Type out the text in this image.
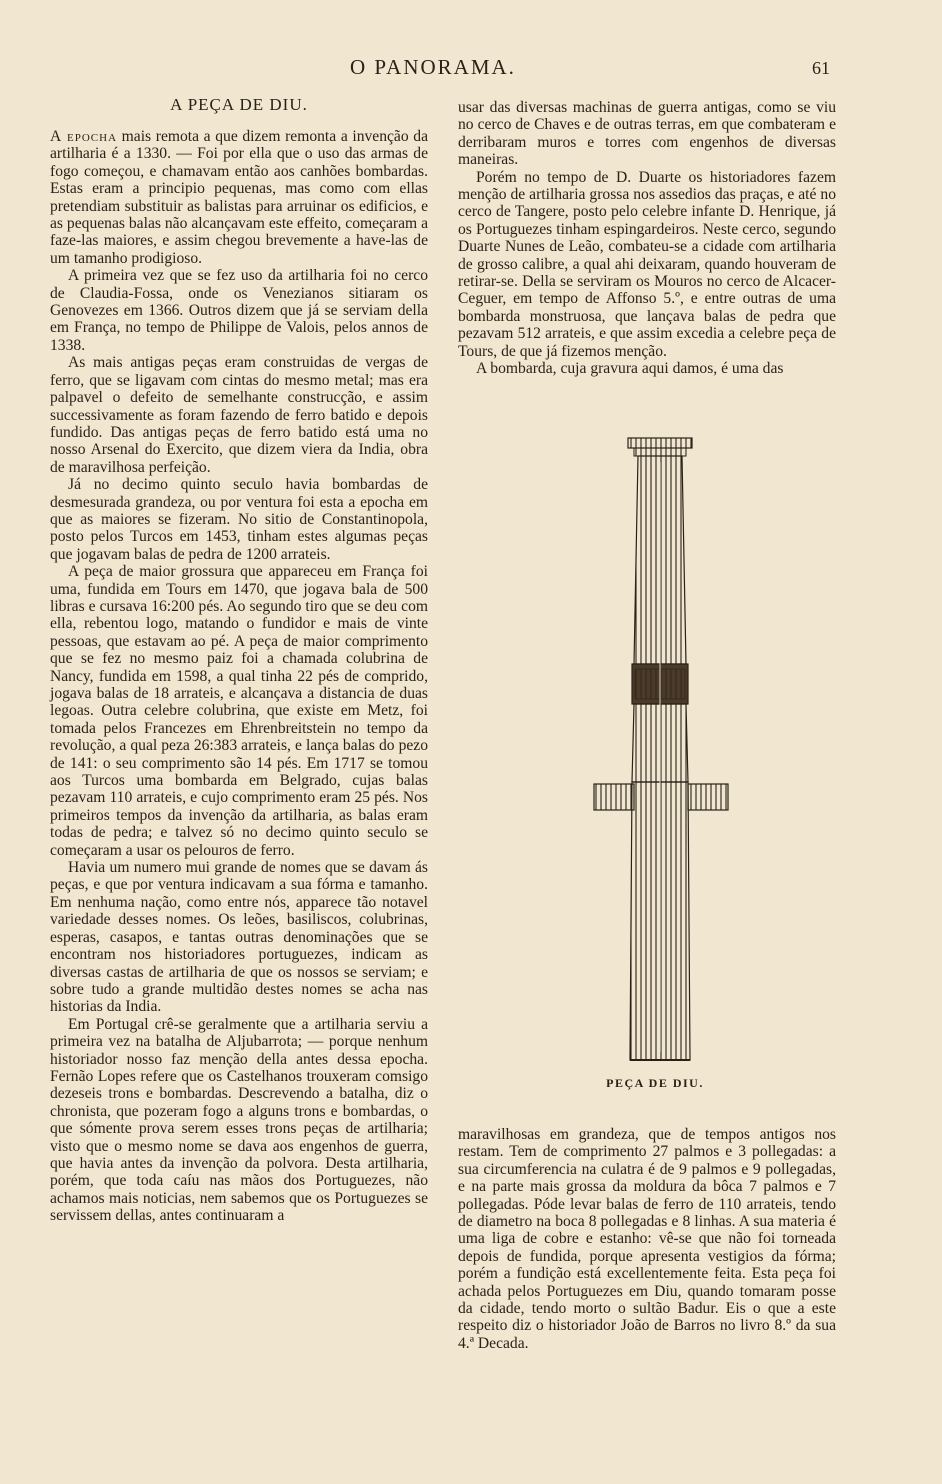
O PANORAMA.	61
A PEÇA DE DIU.

A epocha mais remota a que dizem remonta a invenção da artilharia é a 1330. — Foi por ella que o uso das armas de fogo começou, e chamavam então aos canhões bombardas. Estas eram a principio pequenas, mas como com ellas pretendiam substituir as balistas para arruinar os edificios, e as pequenas balas não alcançavam este effeito, começaram a faze-las maiores, e assim chegou brevemente a have-las de um tamanho prodigioso.

A primeira vez que se fez uso da artilharia foi no cerco de Claudia-Fossa, onde os Venezianos sitiaram os Genovezes em 1366. Outros dizem que já se serviam della em França, no tempo de Philippe de Valois, pelos annos de 1338.

As mais antigas peças eram construidas de vergas de ferro, que se ligavam com cintas do mesmo metal; mas era palpavel o defeito de semelhante construcção, e assim successivamente as foram fazendo de ferro batido e depois fundido. Das antigas peças de ferro batido está uma no nosso Arsenal do Exercito, que dizem viera da India, obra de maravilhosa perfeição.

Já no decimo quinto seculo havia bombardas de desmesurada grandeza, ou por ventura foi esta a epocha em que as maiores se fizeram. No sitio de Constantinopola, posto pelos Turcos em 1453, tinham estes algumas peças que jogavam balas de pedra de 1200 arrateis.

A peça de maior grossura que appareceu em França foi uma, fundida em Tours em 1470, que jogava bala de 500 libras e cursava 16:200 pés. Ao segundo tiro que se deu com ella, rebentou logo, matando o fundidor e mais de vinte pessoas, que estavam ao pé. A peça de maior comprimento que se fez no mesmo paiz foi a chamada colubrina de Nancy, fundida em 1598, a qual tinha 22 pés de comprido, jogava balas de 18 arrateis, e alcançava a distancia de duas legoas. Outra celebre colubrina, que existe em Metz, foi tomada pelos Francezes em Ehrenbreitstein no tempo da revolução, a qual peza 26:383 arrateis, e lança balas do pezo de 141: o seu comprimento são 14 pés. Em 1717 se tomou aos Turcos uma bombarda em Belgrado, cujas balas pezavam 110 arrateis, e cujo comprimento eram 25 pés. Nos primeiros tempos da invenção da artilharia, as balas eram todas de pedra; e talvez só no decimo quinto seculo se começaram a usar os pelouros de ferro.

Havia um numero mui grande de nomes que se davam ás peças, e que por ventura indicavam a sua fórma e tamanho. Em nenhuma nação, como entre nós, apparece tão notavel variedade desses nomes. Os leões, basiliscos, colubrinas, esperas, casapos, e tantas outras denominações que se encontram nos historiadores portuguezes, indicam as diversas castas de artilharia de que os nossos se serviam; e sobre tudo a grande multidão destes nomes se acha nas historias da India.

Em Portugal crê-se geralmente que a artilharia serviu a primeira vez na batalha de Aljubarrota; — porque nenhum historiador nosso faz menção della antes dessa epocha. Fernão Lopes refere que os Castelhanos trouxeram comsigo dezeseis trons e bombardas. Descrevendo a batalha, diz o chronista, que pozeram fogo a alguns trons e bombardas, o que sómente prova serem esses trons peças de artilharia; visto que o mesmo nome se dava aos engenhos de guerra, que havia antes da invenção da polvora. Desta artilharia, porém, que toda caíu nas mãos dos Portuguezes, não achamos mais noticias, nem sabemos que os Portuguezes se servissem dellas, antes continuaram a

usar das diversas machinas de guerra antigas, como se viu no cerco de Chaves e de outras terras, em que combateram e derribaram muros e torres com engenhos de diversas maneiras.

Porém no tempo de D. Duarte os historiadores fazem menção de artilharia grossa nos assedios das praças, e até no cerco de Tangere, posto pelo celebre infante D. Henrique, já os Portuguezes tinham espingardeiros. Neste cerco, segundo Duarte Nunes de Leão, combateu-se a cidade com artilharia de grosso calibre, a qual ahi deixaram, quando houveram de retirar-se. Della se serviram os Mouros no cerco de Alcacer-Ceguer, em tempo de Affonso 5.º, e entre outras de uma bombarda monstruosa, que lançava balas de pedra que pezavam 512 arrateis, e que assim excedia a celebre peça de Tours, de que já fizemos menção.

A bombarda, cuja gravura aqui damos, é uma das

PEÇA DE DIU.

maravilhosas em grandeza, que de tempos antigos nos restam. Tem de comprimento 27 palmos e 3 pollegadas: a sua circumferencia na culatra é de 9 palmos e 9 pollegadas, e na parte mais grossa da moldura da bôca 7 palmos e 7 pollegadas. Póde levar balas de ferro de 110 arrateis, tendo de diametro na boca 8 pollegadas e 8 linhas. A sua materia é uma liga de cobre e estanho: vê-se que não foi torneada depois de fundida, porque apresenta vestigios da fórma; porém a fundição está excellentemente feita. Esta peça foi achada pelos Portuguezes em Diu, quando tomaram posse da cidade, tendo morto o sultão Badur. Eis o que a este respeito diz o historiador João de Barros no livro 8.º da sua 4.ª Decada.
